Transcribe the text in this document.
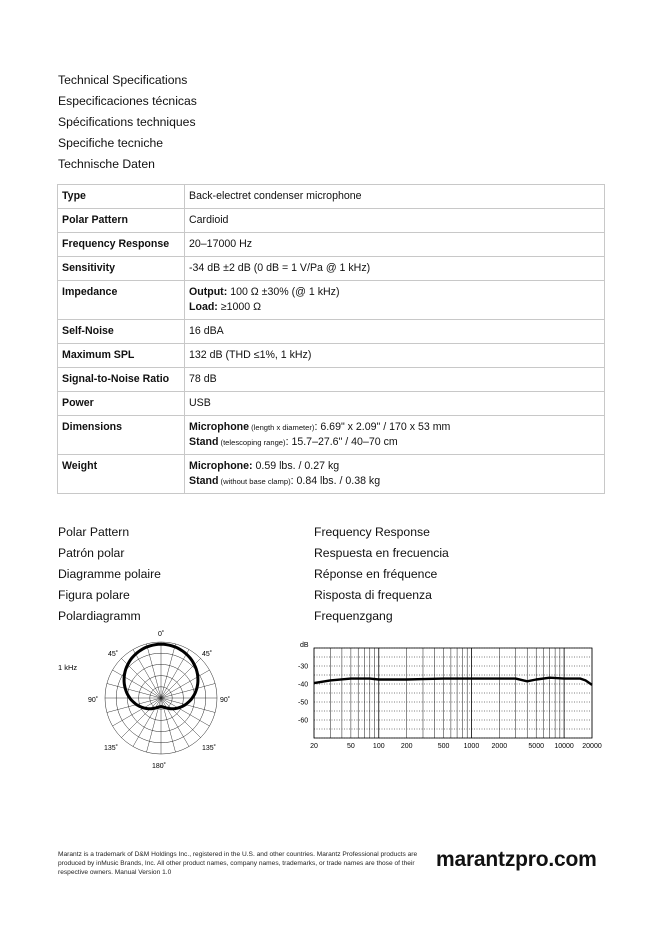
Technical Specifications
Especificaciones técnicas
Spécifications techniques
Specifiche tecniche
Technische Daten
Type	Back-electret condenser microphone

Polar Pattern	Cardioid

Frequency Response	20–17000 Hz

Sensitivity	-34 dB ±2 dB (0 dB = 1 V/Pa @ 1 kHz)

Impedance	Output: 100 Ω ±30% (@ 1 kHz)
Load: ≥1000 Ω

Self-Noise	16 dBA

Maximum SPL	132 dB (THD ≤1%, 1 kHz)

Signal-to-Noise Ratio	78 dB

Power	USB

Dimensions	Microphone (length x diameter): 6.69" x 2.09" / 170 x 53 mm
Stand (telescoping range): 15.7–27.6" / 40–70 cm

Weight	Microphone: 0.59 lbs. / 0.27 kg
Stand (without base clamp): 0.84 lbs. / 0.38 kg
Polar Pattern
Patrón polar
Diagramme polaire
Figura polare
Polardiagramm
Frequency Response
Respuesta en frecuencia
Réponse en fréquence
Risposta di frequenza
Frequenzgang
1 kHz
0˚
45˚	45˚
90˚	90˚
135˚	135˚
180˚
dB
-30
-40
-50
-60
20	50	100 200	500 1000 2000	5000 10000 20000
Marantz is a trademark of D&M Holdings Inc., registered in the U.S. and other countries. Marantz Professional products are produced by inMusic Brands, Inc. All other product names, company names, trademarks, or trade names are those of their respective owners. Manual Version 1.0
marantzpro.com
